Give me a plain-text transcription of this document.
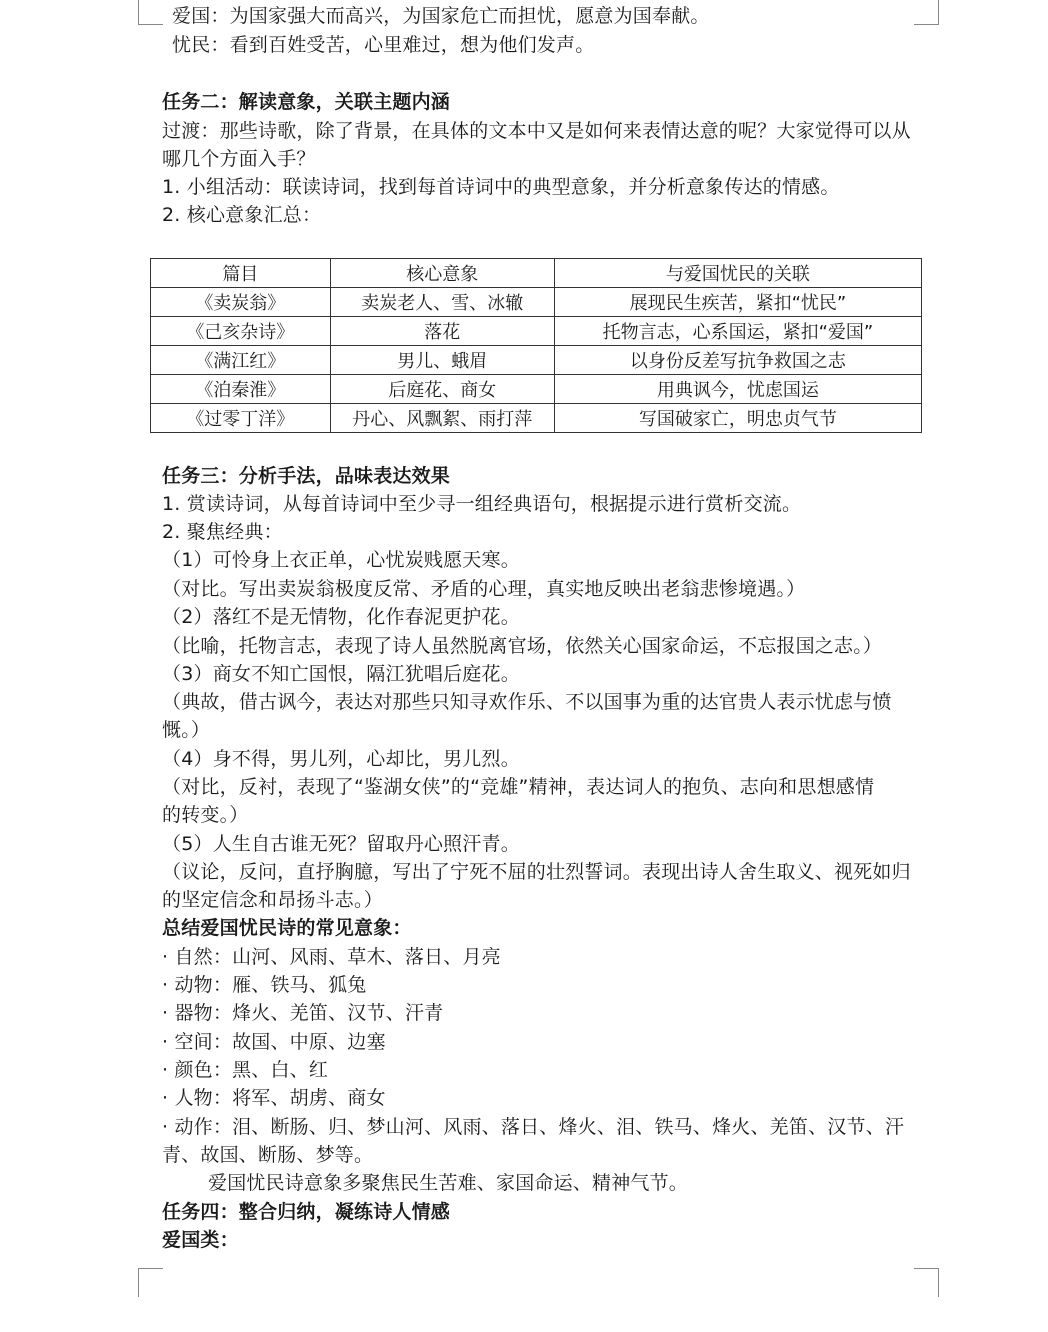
爱国：为国家强大而高兴，为国家危亡而担忧，愿意为国奉献。
忧民：看到百姓受苦，心里难过，想为他们发声。
任务二：解读意象，关联主题内涵
过渡：那些诗歌，除了背景，在具体的文本中又是如何来表情达意的呢？大家觉得可以从
哪几个方面入手？
1. 小组活动：联读诗词，找到每首诗词中的典型意象，并分析意象传达的情感。
2. 核心意象汇总：
篇目	核心意象	与爱国忧民的关联
《卖炭翁》	卖炭老人、雪、冰辙	展现民生疾苦，紧扣“忧民”
《己亥杂诗》	落花	托物言志，心系国运，紧扣“爱国”
《满江红》	男儿、蛾眉	以身份反差写抗争救国之志
《泊秦淮》	后庭花、商女	用典讽今，忧虑国运
《过零丁洋》	丹心、风飘絮、雨打萍	写国破家亡，明忠贞气节
任务三：分析手法，品味表达效果
1. 赏读诗词，从每首诗词中至少寻一组经典语句，根据提示进行赏析交流。
2. 聚焦经典：
（1）可怜身上衣正单，心忧炭贱愿天寒。
（对比。写出卖炭翁极度反常、矛盾的心理，真实地反映出老翁悲惨境遇。）
（2）落红不是无情物，化作春泥更护花。
（比喻，托物言志，表现了诗人虽然脱离官场，依然关心国家命运，不忘报国之志。）
（3）商女不知亡国恨，隔江犹唱后庭花。
（典故，借古讽今，表达对那些只知寻欢作乐、不以国事为重的达官贵人表示忧虑与愤
慨。）
（4）身不得，男儿列，心却比，男儿烈。
（对比，反衬，表现了“鉴湖女侠”的“竞雄”精神，表达词人的抱负、志向和思想感情
的转变。）
（5）人生自古谁无死？留取丹心照汗青。
（议论，反问，直抒胸臆，写出了宁死不屈的壮烈誓词。表现出诗人舍生取义、视死如归
的坚定信念和昂扬斗志。）
总结爱国忧民诗的常见意象：
· 自然：山河、风雨、草木、落日、月亮
· 动物：雁、铁马、狐兔
· 器物：烽火、羌笛、汉节、汗青
· 空间：故国、中原、边塞
· 颜色：黑、白、红
· 人物：将军、胡虏、商女
· 动作：泪、断肠、归、梦山河、风雨、落日、烽火、泪、铁马、烽火、羌笛、汉节、汗
青、故国、断肠、梦等。
爱国忧民诗意象多聚焦民生苦难、家国命运、精神气节。
任务四：整合归纳，凝练诗人情感
爱国类：
